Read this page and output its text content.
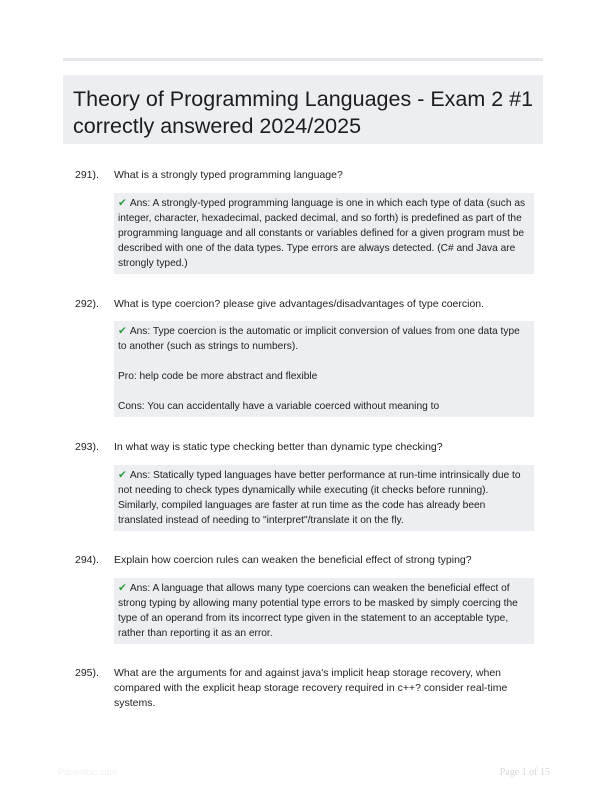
Theory of Programming Languages - Exam 2 #1 correctly answered 2024/2025
291). What is a strongly typed programming language?

✔ Ans: A strongly-typed programming language is one in which each type of data (such as integer, character, hexadecimal, packed decimal, and so forth) is predefined as part of the programming language and all constants or variables defined for a given program must be described with one of the data types. Type errors are always detected. (C# and Java are strongly typed.)

292). What is type coercion? please give advantages/disadvantages of type coercion.

✔ Ans: Type coercion is the automatic or implicit conversion of values from one data type to another (such as strings to numbers).

Pro: help code be more abstract and flexible

Cons: You can accidentally have a variable coerced without meaning to

293). In what way is static type checking better than dynamic type checking?

✔ Ans: Statically typed languages have better performance at run-time intrinsically due to not needing to check types dynamically while executing (it checks before running). Similarly, compiled languages are faster at run time as the code has already been translated instead of needing to "interpret"/translate it on the fly.

294). Explain how coercion rules can weaken the beneficial effect of strong typing?

✔ Ans: A language that allows many type coercions can weaken the beneficial effect of strong typing by allowing many potential type errors to be masked by simply coercing the type of an operand from its incorrect type given in the statement to an acceptable type, rather than reporting it as an error.

295). What are the arguments for and against java's implicit heap storage recovery, when compared with the explicit heap storage recovery required in c++? consider real-time systems.
Paperlibic.com	Page 1 of 15
